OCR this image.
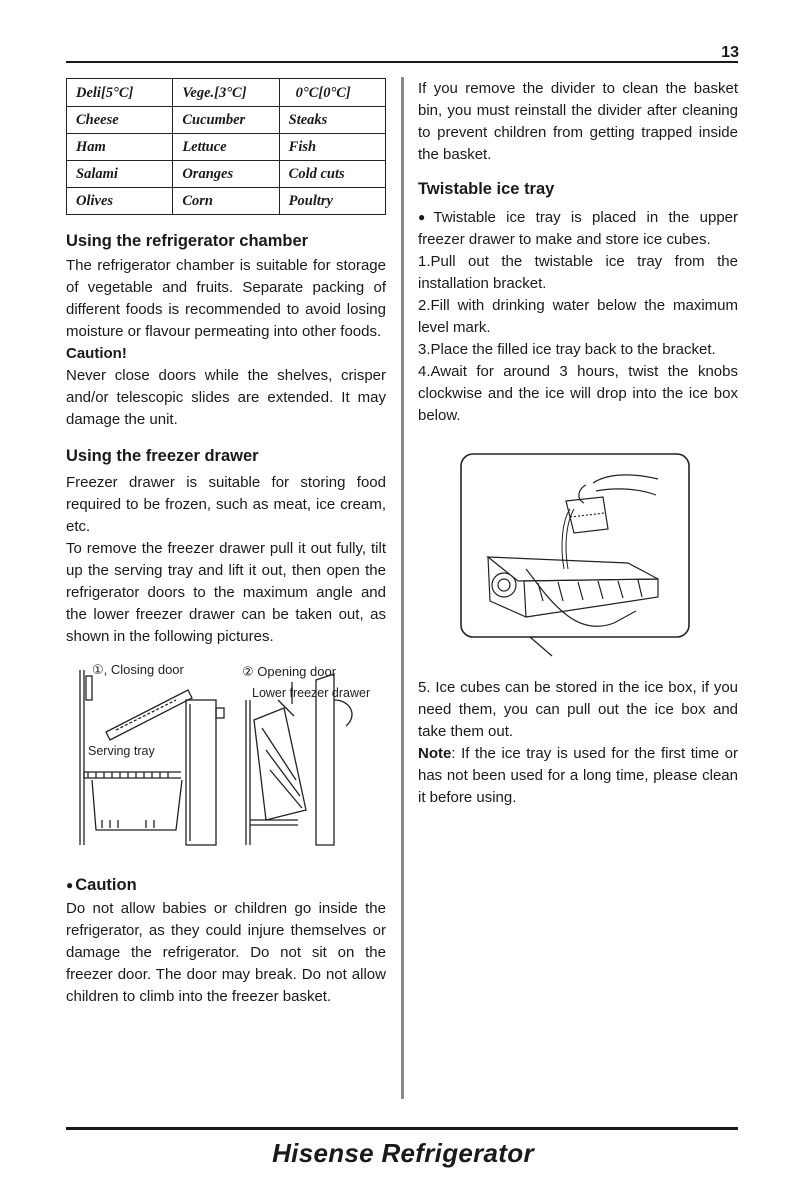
13
Deli[5°C]	Vege.[3°C]	0°C[0°C]
Cheese	Cucumber	Steaks
Ham	Lettuce	Fish
Salami	Oranges	Cold cuts
Olives	Corn	Poultry
Using the refrigerator chamber

The refrigerator chamber is suitable for storage of vegetable and fruits. Separate packing of different foods is recommended to avoid losing moisture or flavour permeating into other foods.

Caution!

Never close doors while the shelves, crisper and/or telescopic slides are extended. It may damage the unit.

Using the freezer drawer

Freezer drawer is suitable for storing food required to be frozen, such as meat, ice cream, etc.

To remove the freezer drawer pull it out fully, tilt up the serving tray and lift it out, then open the refrigerator doors to the maximum angle and the lower freezer drawer can be taken out, as shown in the following pictures.

①, Closing door	② Opening door
Lower freezer drawer
Serving tray
● Caution

Do not allow babies or children go inside the refrigerator, as they could injure themselves or damage the refrigerator. Do not sit on the freezer door. The door may break. Do not allow children to climb into the freezer basket.

If you remove the divider to clean the basket bin, you must reinstall the divider after cleaning to prevent children from getting trapped inside the basket.

Twistable ice tray

● Twistable ice tray is placed in the upper freezer drawer to make and store ice cubes.

1.Pull out the twistable ice tray from the installation bracket.

2.Fill with drinking water below the maximum level mark.

3.Place the filled ice tray back to the bracket.

4.Await for around 3 hours, twist the knobs clockwise and the ice will drop into the ice box below.

5. Ice cubes can be stored in the ice box, if you need them, you can pull out the ice box and take them out.

Note: If the ice tray is used for the first time or has not been used for a long time, please clean it before using.

Hisense Refrigerator
